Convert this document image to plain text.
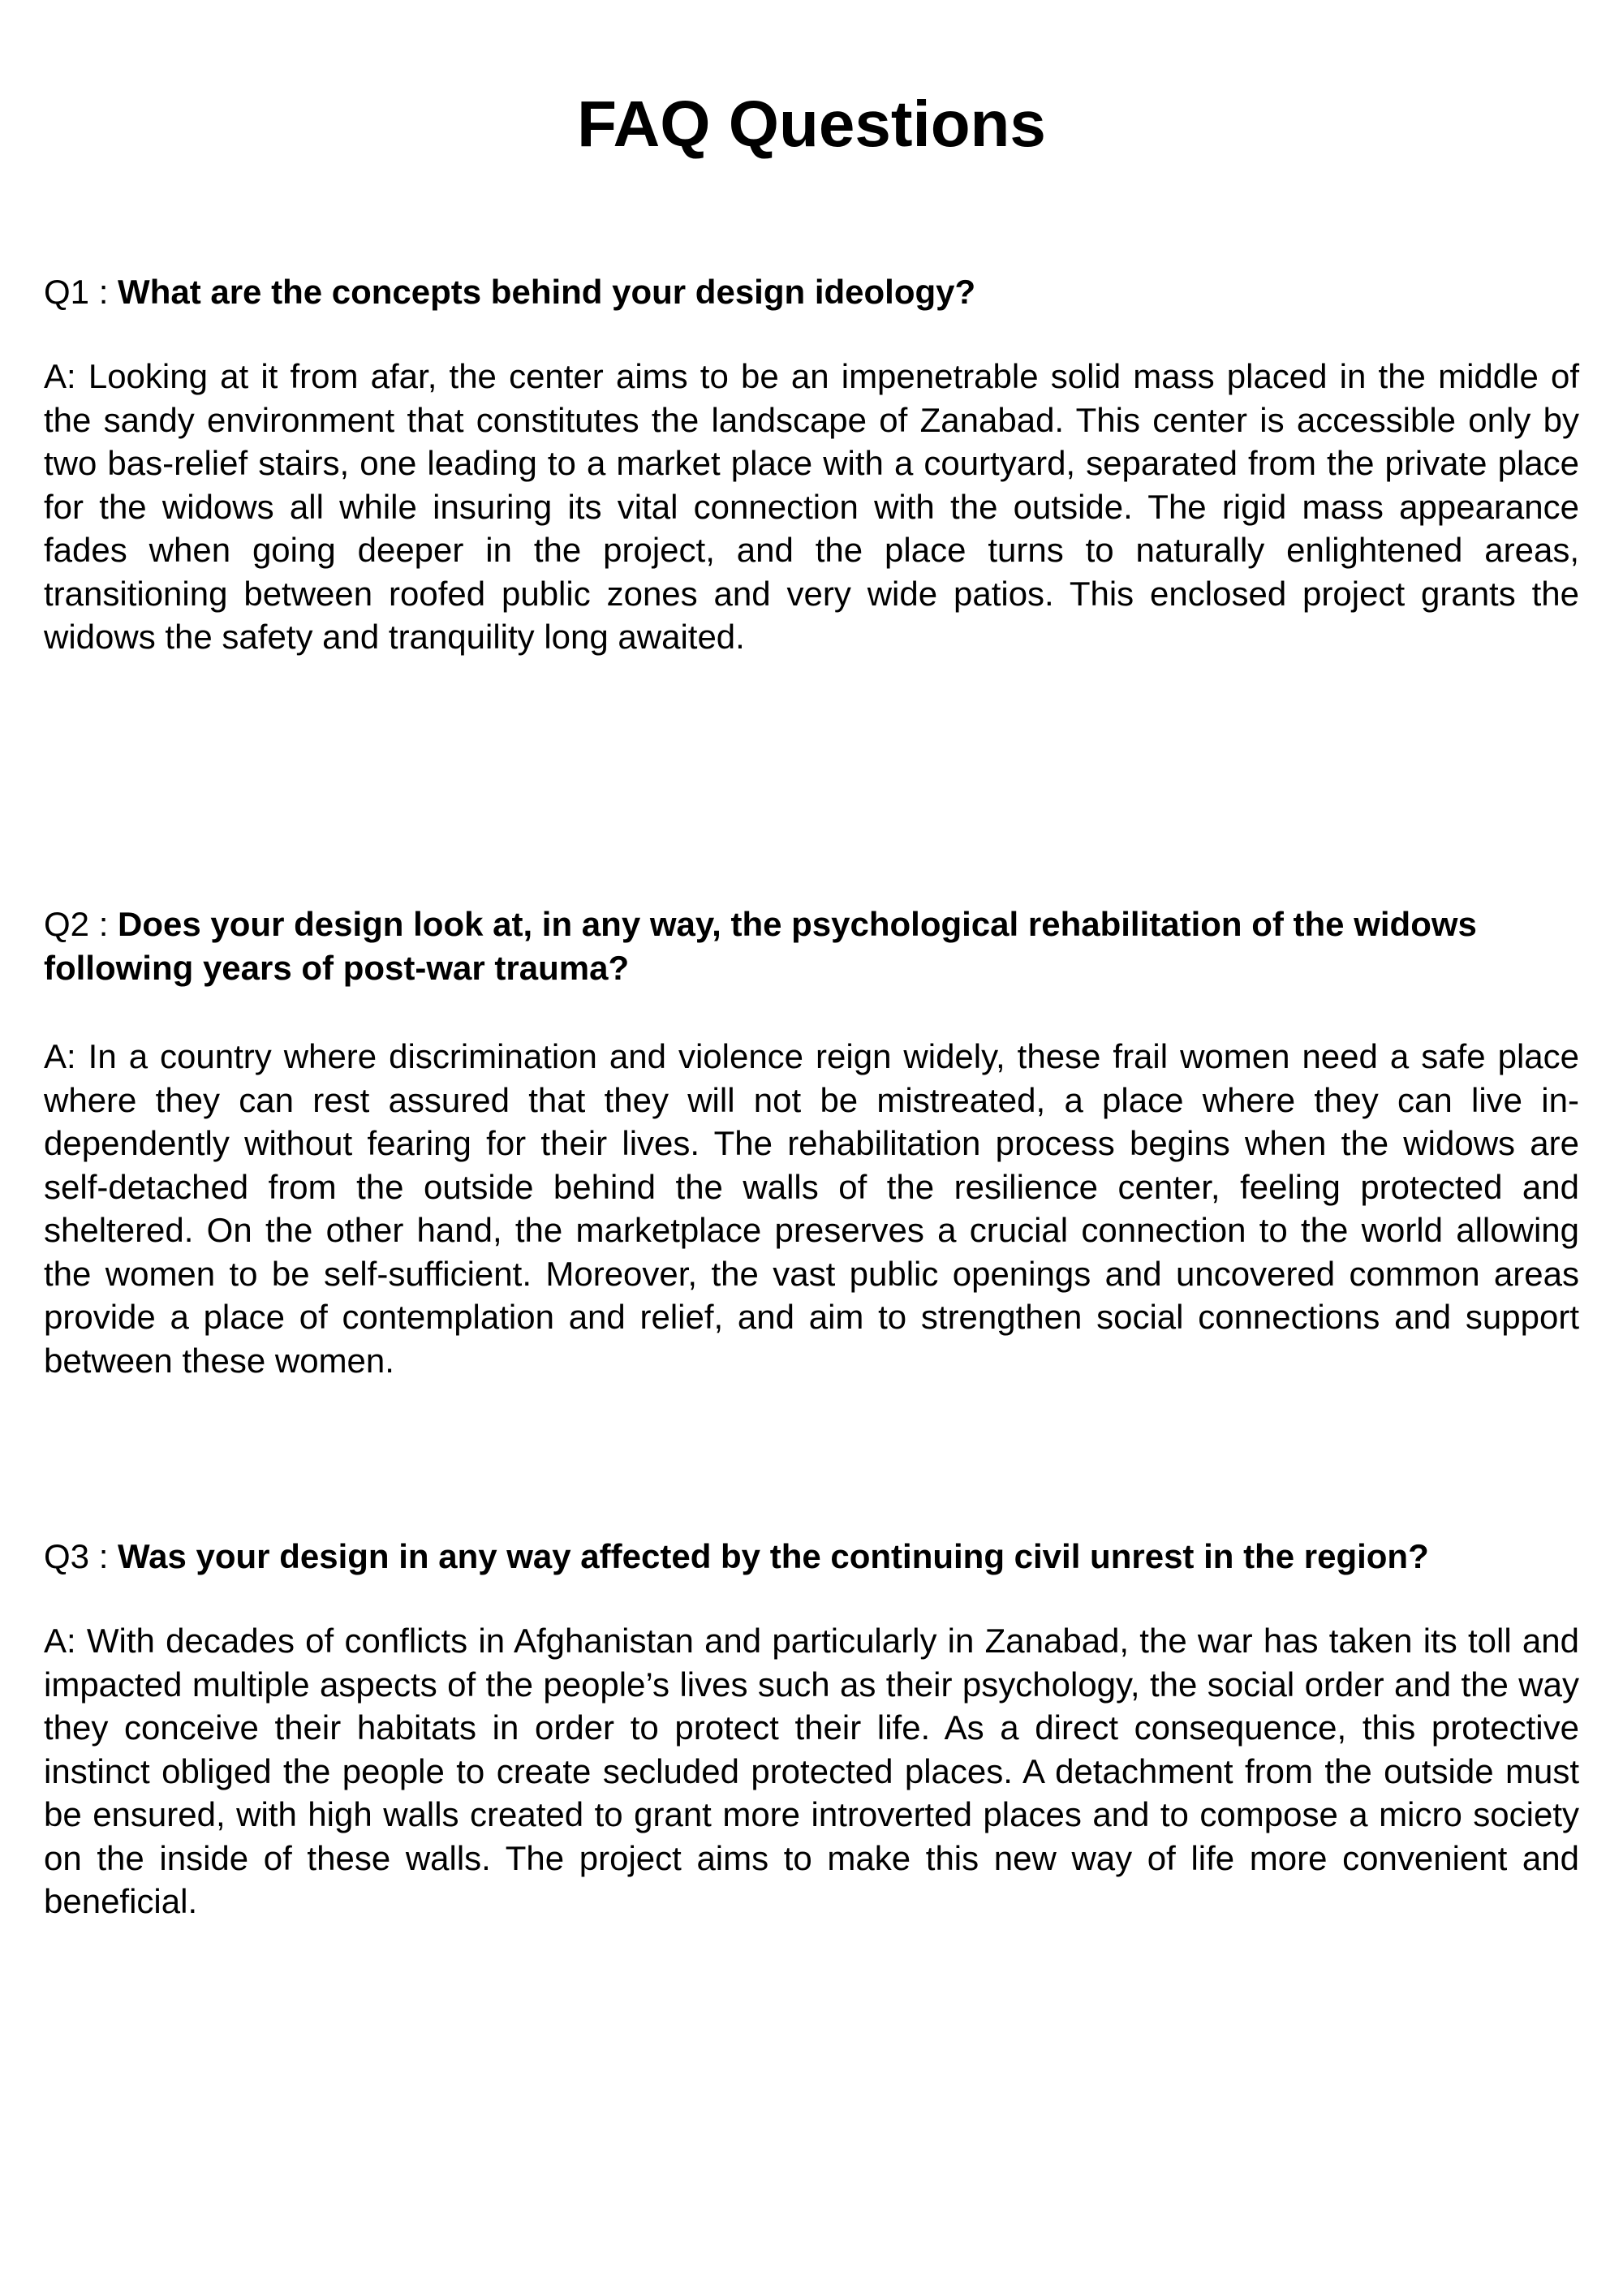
FAQ Questions

Q1 : What are the concepts behind your design ideology?

A: Looking at it from afar, the center aims to be an impenetrable solid mass placed in the middle of the sandy environment that constitutes the landscape of Zanabad. This center is accessible only by two bas-relief stairs, one leading to a market place with a courtyard, separated from the private place for the widows all while insuring its vital connection with the outside. The rigid mass appearance fades when going deeper in the project, and the place turns to naturally enlightened areas, transitioning between roofed public zones and very wide patios. This enclosed project grants the widows the safety and tranquility long awaited.

Q2 : Does your design look at, in any way, the psychological rehabilitation of the widows following years of post-war trauma?

A: In a country where discrimination and violence reign widely, these frail women need a safe place where they can rest assured that they will not be mistreated, a place where they can live independently without fearing for their lives. The rehabilitation process begins when the widows are self-detached from the outside behind the walls of the resilience center, feeling protected and sheltered. On the other hand, the marketplace preserves a crucial connection to the world allowing the women to be self-sufficient. Moreover, the vast public openings and uncovered common areas provide a place of contemplation and relief, and aim to strengthen social connections and support between these women.

Q3 : Was your design in any way affected by the continuing civil unrest in the region?

A: With decades of conflicts in Afghanistan and particularly in Zanabad, the war has taken its toll and impacted multiple aspects of the people’s lives such as their psychology, the social order and the way they conceive their habitats in order to protect their life. As a direct consequence, this protective instinct obliged the people to create secluded protected places. A detachment from the outside must be ensured, with high walls created to grant more introverted places and to compose a micro society on the inside of these walls. The project aims to make this new way of life more convenient and beneficial.
